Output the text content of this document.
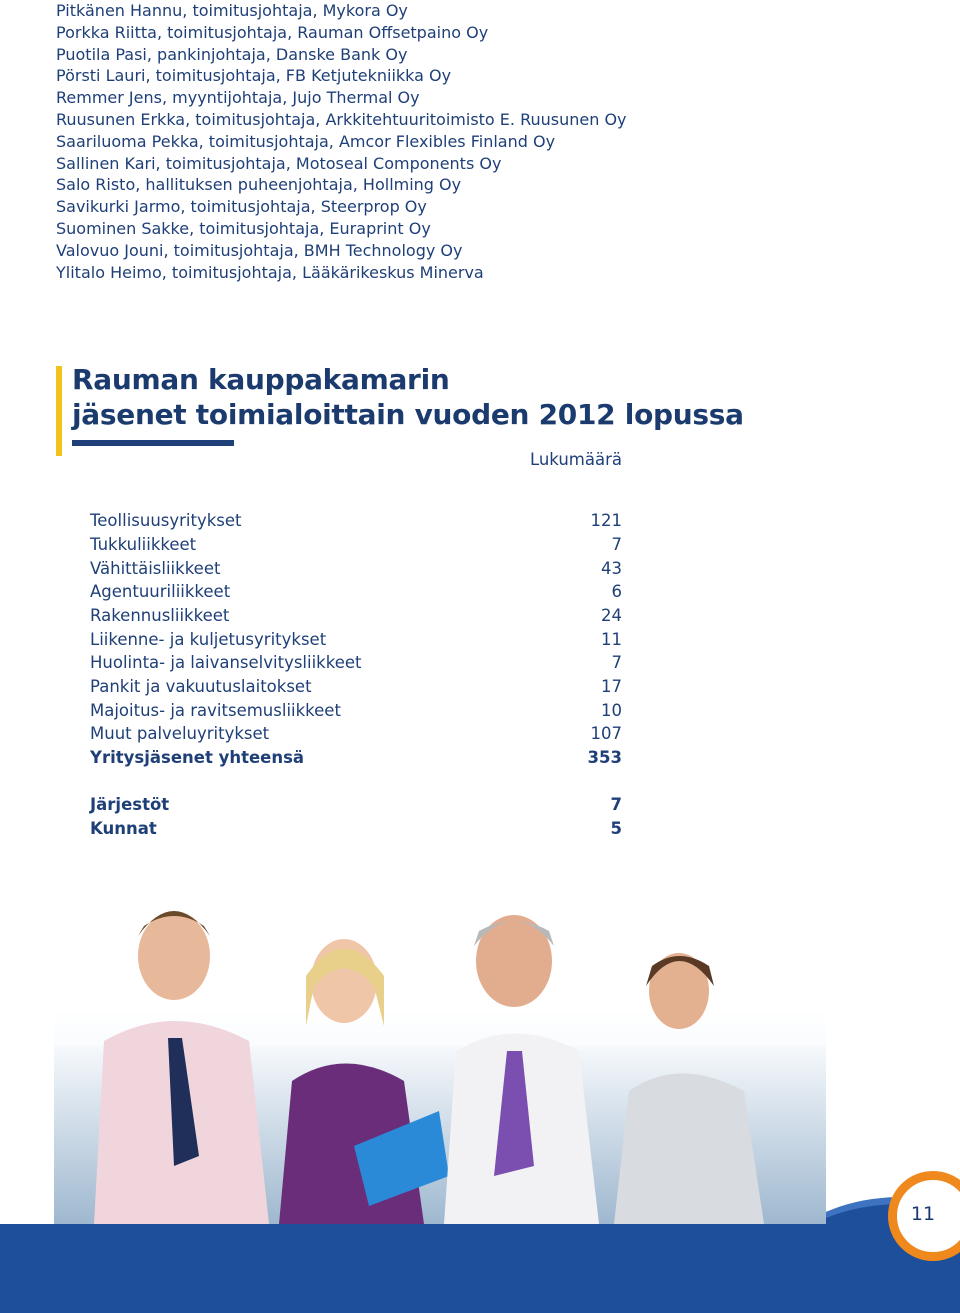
Pitkänen Hannu, toimitusjohtaja, Mykora Oy
Porkka Riitta, toimitusjohtaja, Rauman Offsetpaino Oy
Puotila Pasi, pankinjohtaja, Danske Bank Oy
Pörsti Lauri, toimitusjohtaja, FB Ketjutekniikka Oy
Remmer Jens, myyntijohtaja, Jujo Thermal Oy
Ruusunen Erkka, toimitusjohtaja, Arkkitehtuuritoimisto E. Ruusunen Oy
Saariluoma Pekka, toimitusjohtaja, Amcor Flexibles Finland Oy
Sallinen Kari, toimitusjohtaja, Motoseal Components Oy
Salo Risto, hallituksen puheenjohtaja, Hollming Oy
Savikurki Jarmo, toimitusjohtaja, Steerprop Oy
Suominen Sakke, toimitusjohtaja, Euraprint Oy
Valovuo Jouni, toimitusjohtaja, BMH Technology Oy
Ylitalo Heimo, toimitusjohtaja, Lääkärikeskus Minerva
Rauman kauppakamarin
jäsenet toimialoittain vuoden 2012 lopussa
Lukumäärä
Teollisuusyritykset	121
Tukkuliikkeet	7
Vähittäisliikkeet	43
Agentuuriliikkeet	6
Rakennusliikkeet	24
Liikenne- ja kuljetusyritykset	11
Huolinta- ja laivanselvitysliikkeet	7
Pankit ja vakuutuslaitokset	17
Majoitus- ja ravitsemusliikkeet	10
Muut palveluyritykset	107
Yritysjäsenet yhteensä	353
Järjestöt	7
Kunnat	5
11
